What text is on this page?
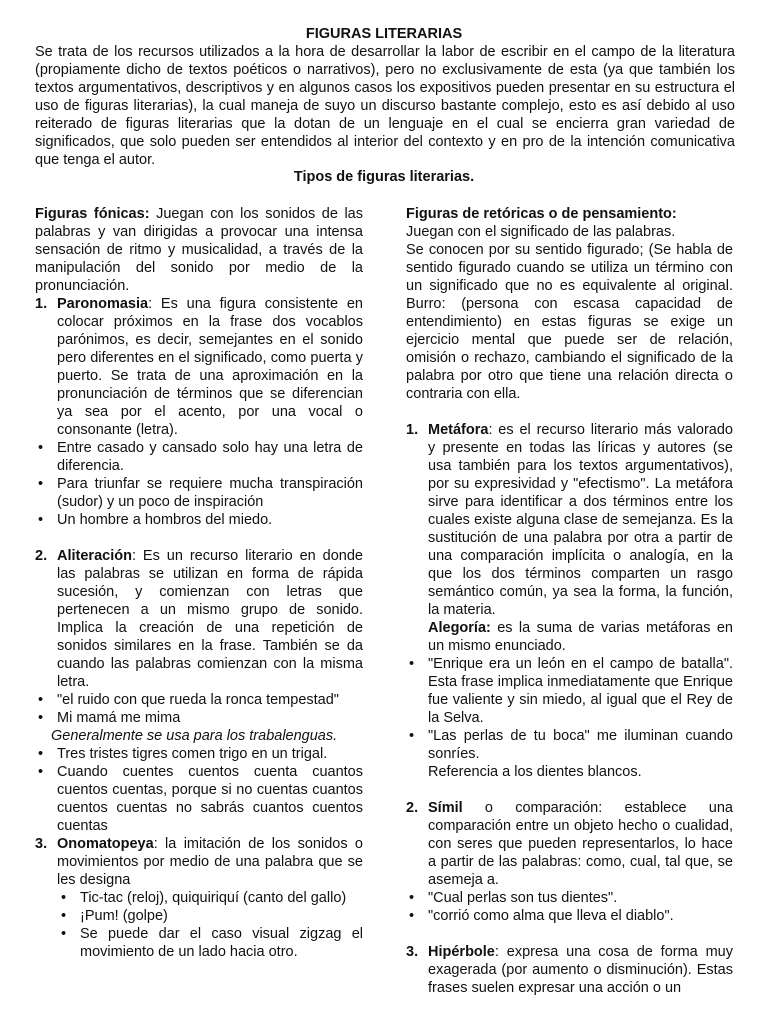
FIGURAS LITERARIAS

Se trata de los recursos utilizados a la hora de desarrollar la labor de escribir en el campo de la literatura (propiamente dicho de textos poéticos o narrativos), pero no exclusivamente de esta (ya que también los textos argumentativos, descriptivos y en algunos casos los expositivos pueden presentar en su estructura el uso de figuras literarias), la cual maneja de suyo un discurso bastante complejo, esto es así debido al uso reiterado de figuras literarias que la dotan de un lenguaje en el cual se encierra gran variedad de significados, que solo pueden ser entendidos al interior del contexto y en pro de la intención comunicativa que tenga el autor.

Tipos de figuras literarias.

Figuras fónicas: Juegan con los sonidos de las palabras y van dirigidas a provocar una intensa sensación de ritmo y musicalidad, a través de la manipulación del sonido por medio de la pronunciación.

1. Paronomasia: Es una figura consistente en colocar próximos en la frase dos vocablos parónimos, es decir, semejantes en el sonido pero diferentes en el significado, como puerta y puerto. Se trata de una aproximación en la pronunciación de términos que se diferencian ya sea por el acento, por una vocal o consonante (letra).
• Entre casado y cansado solo hay una letra de diferencia.
• Para triunfar se requiere mucha transpiración (sudor) y un poco de inspiración
• Un hombre a hombros del miedo.
2. Aliteración: Es un recurso literario en donde las palabras se utilizan en forma de rápida sucesión, y comienzan con letras que pertenecen a un mismo grupo de sonido. Implica la creación de una repetición de sonidos similares en la frase. También se da cuando las palabras comienzan con la misma letra.
• "el ruido con que rueda la ronca tempestad"
• Mi mamá me mima
Generalmente se usa para los trabalenguas.
• Tres tristes tigres comen trigo en un trigal.
• Cuando cuentes cuentos cuenta cuantos cuentos cuentas, porque si no cuentas cuantos cuentos cuentas no sabrás cuantos cuentos cuentas
3. Onomatopeya: la imitación de los sonidos o movimientos por medio de una palabra que se les designa
• Tic-tac (reloj), quiquiriquí (canto del gallo)
• ¡Pum! (golpe)
• Se puede dar el caso visual zigzag el movimiento de un lado hacia otro.

Figuras de retóricas o de pensamiento:

Juegan con el significado de las palabras.

Se conocen por su sentido figurado; (Se habla de sentido figurado cuando se utiliza un término con un significado que no es equivalente al original. Burro: (persona con escasa capacidad de entendimiento) en estas figuras se exige un ejercicio mental que puede ser de relación, omisión o rechazo, cambiando el significado de la palabra por otro que tiene una relación directa o contraria con ella.

1. Metáfora: es el recurso literario más valorado y presente en todas las líricas y autores (se usa también para los textos argumentativos), por su expresividad y "efectismo". La metáfora sirve para identificar a dos términos entre los cuales existe alguna clase de semejanza. Es la sustitución de una palabra por otra a partir de una comparación implícita o analogía, en la que los dos términos comparten un rasgo semántico común, ya sea la forma, la función, la materia.
Alegoría: es la suma de varias metáforas en un mismo enunciado.
• "Enrique era un león en el campo de batalla". Esta frase implica inmediatamente que Enrique fue valiente y sin miedo, al igual que el Rey de la Selva.
• "Las perlas de tu boca" me iluminan cuando sonríes.
Referencia a los dientes blancos.
2. Símil o comparación: establece una comparación entre un objeto hecho o cualidad, con seres que pueden representarlos, lo hace a partir de las palabras: como, cual, tal que, se asemeja a.
• "Cual perlas son tus dientes".
• "corrió como alma que lleva el diablo".
3. Hipérbole: expresa una cosa de forma muy exagerada (por aumento o disminución). Estas frases suelen expresar una acción o un
